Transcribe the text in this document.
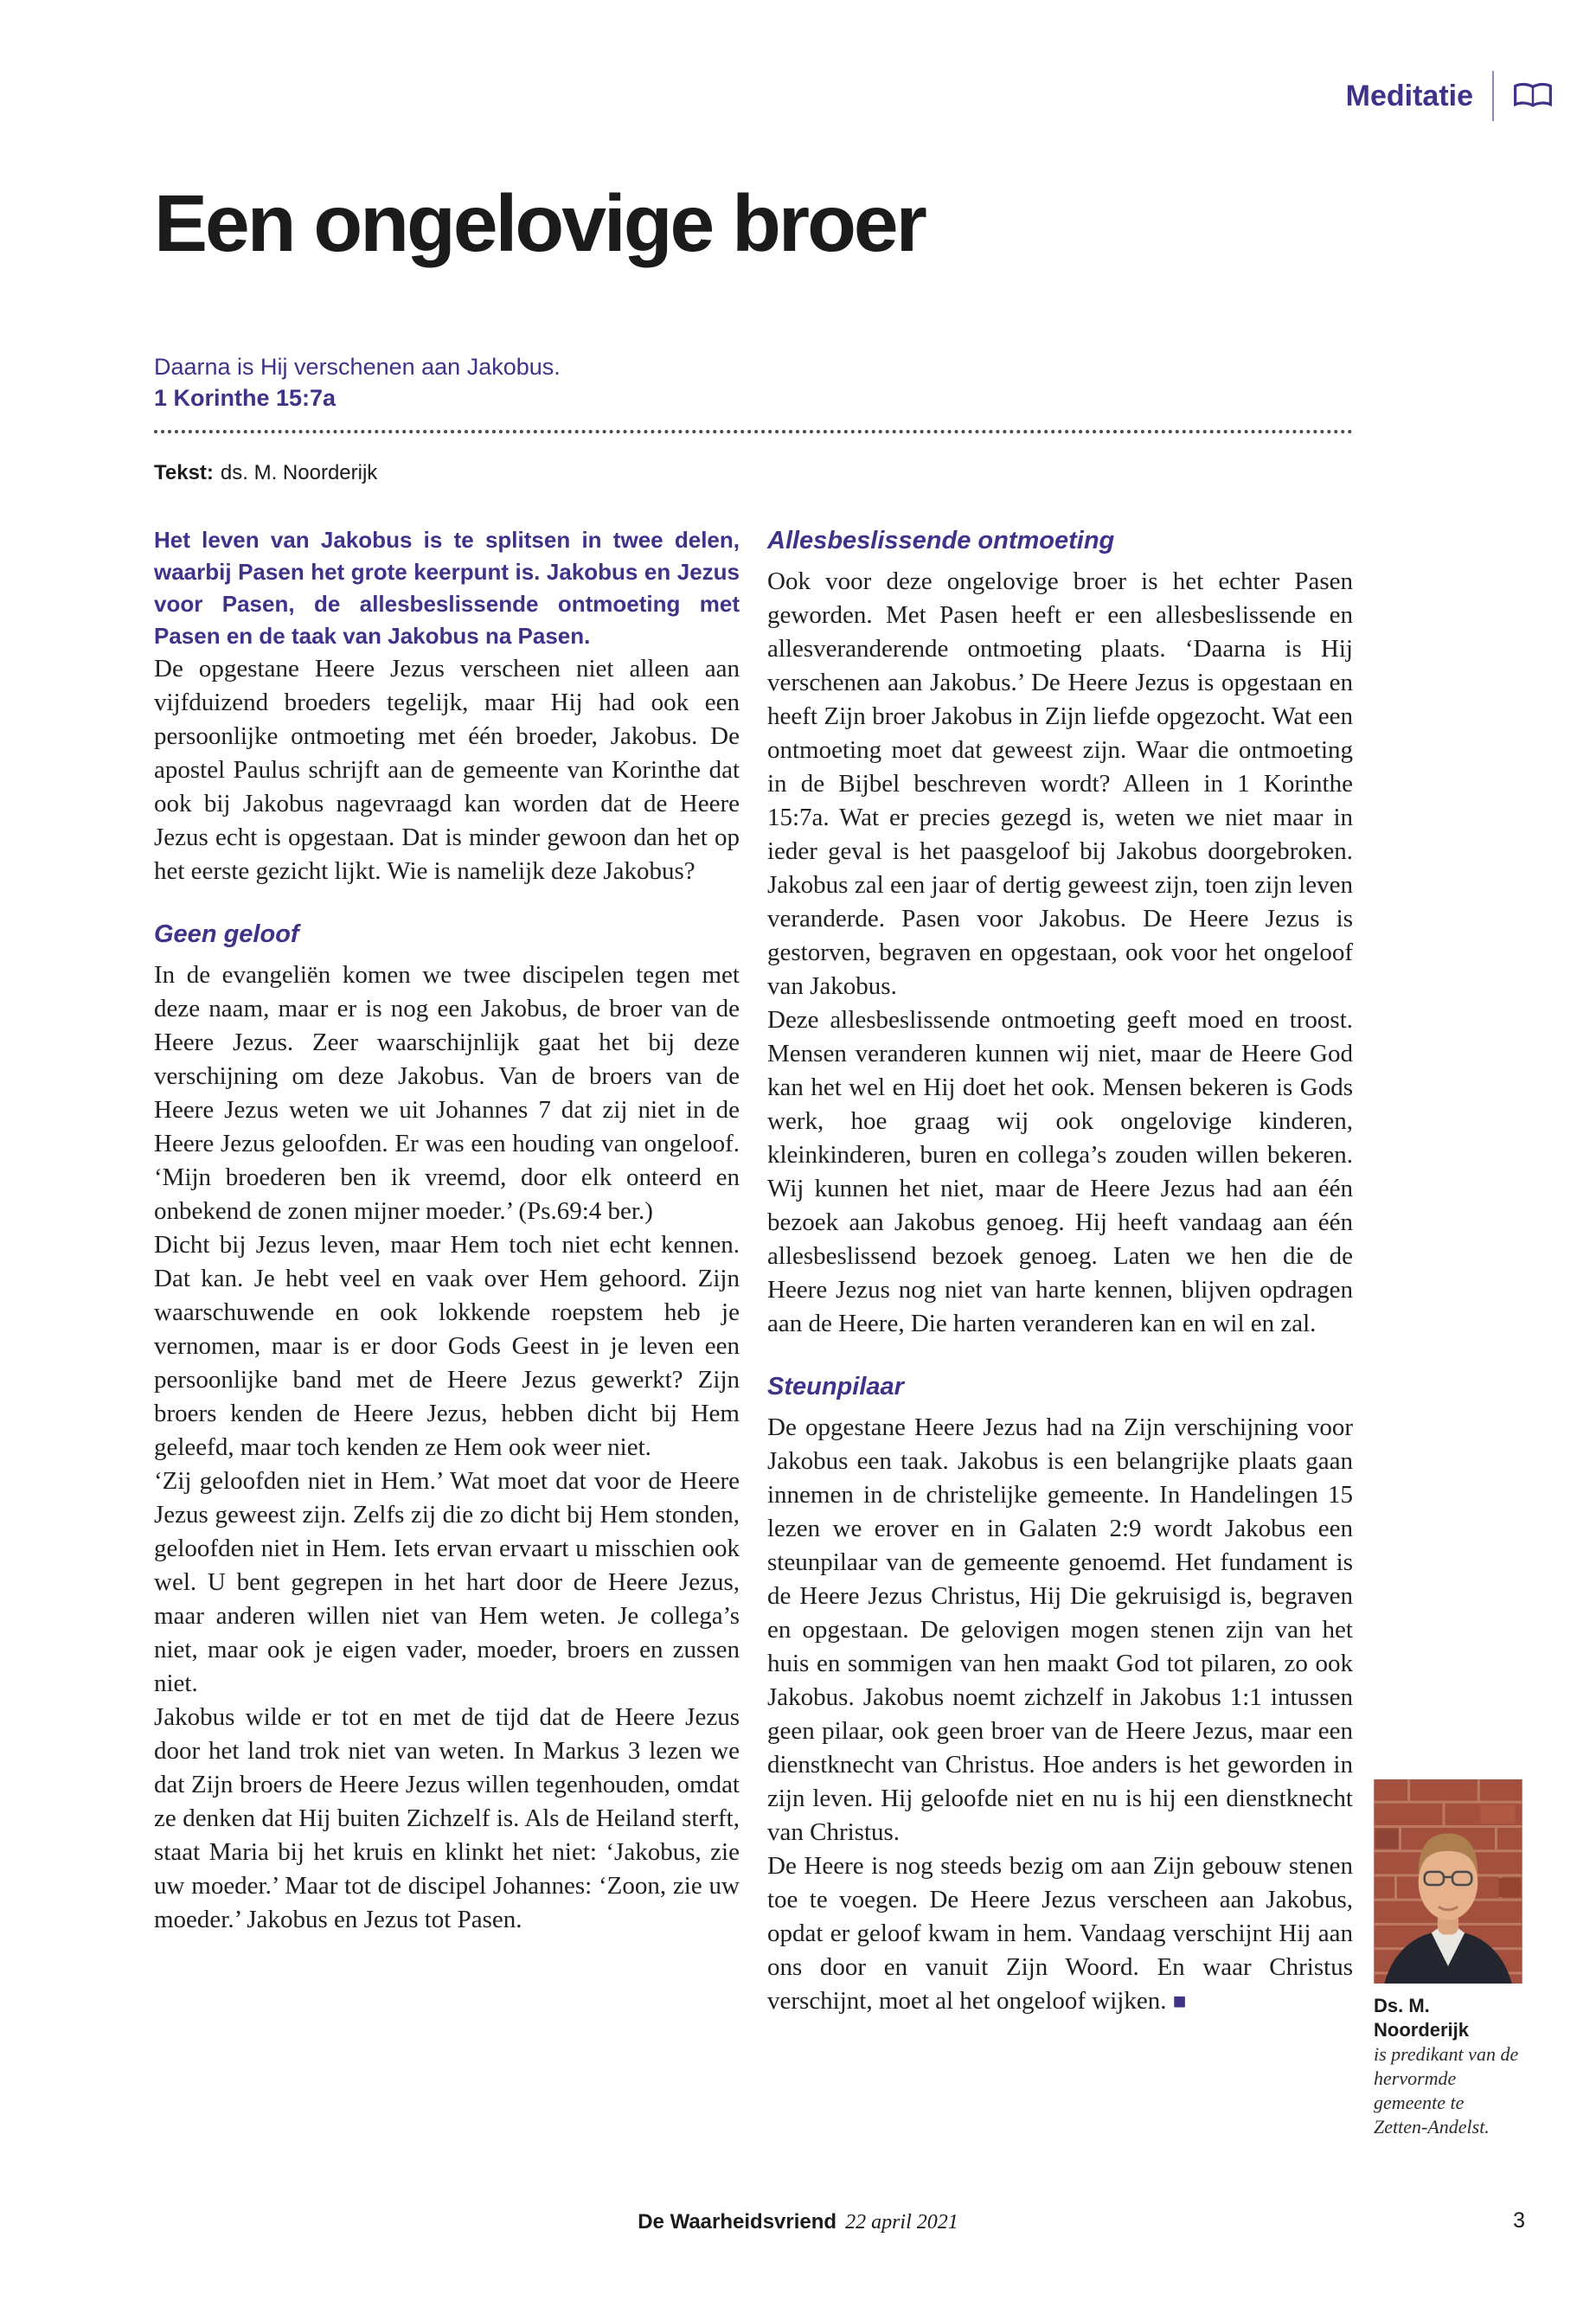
Meditatie
Een ongelovige broer
Daarna is Hij verschenen aan Jakobus.
1 Korinthe 15:7a
Tekst: ds. M. Noorderijk

Het leven van Jakobus is te splitsen in twee delen, waarbij Pasen het grote keerpunt is. Jakobus en Jezus voor Pasen, de allesbeslissende ontmoeting met Pasen en de taak van Jakobus na Pasen.

De opgestane Heere Jezus verscheen niet alleen aan vijfduizend broeders tegelijk, maar Hij had ook een persoonlijke ontmoeting met één broeder, Jakobus. De apostel Paulus schrijft aan de gemeente van Korinthe dat ook bij Jakobus nagevraagd kan worden dat de Heere Jezus echt is opgestaan. Dat is minder gewoon dan het op het eerste gezicht lijkt. Wie is namelijk deze Jakobus?

Geen geloof

In de evangeliën komen we twee discipelen tegen met deze naam, maar er is nog een Jakobus, de broer van de Heere Jezus. Zeer waarschijnlijk gaat het bij deze verschijning om deze Jakobus. Van de broers van de Heere Jezus weten we uit Johannes 7 dat zij niet in de Heere Jezus geloofden. Er was een houding van ongeloof. ‘Mijn broederen ben ik vreemd, door elk onteerd en onbekend de zonen mijner moeder.’ (Ps.69:4 ber.)

Dicht bij Jezus leven, maar Hem toch niet echt kennen. Dat kan. Je hebt veel en vaak over Hem gehoord. Zijn waarschuwende en ook lokkende roepstem heb je vernomen, maar is er door Gods Geest in je leven een persoonlijke band met de Heere Jezus gewerkt? Zijn broers kenden de Heere Jezus, hebben dicht bij Hem geleefd, maar toch kenden ze Hem ook weer niet.

‘Zij geloofden niet in Hem.’ Wat moet dat voor de Heere Jezus geweest zijn. Zelfs zij die zo dicht bij Hem stonden, geloofden niet in Hem. Iets ervan ervaart u misschien ook wel. U bent gegrepen in het hart door de Heere Jezus, maar anderen willen niet van Hem weten. Je collega’s niet, maar ook je eigen vader, moeder, broers en zussen niet.

Jakobus wilde er tot en met de tijd dat de Heere Jezus door het land trok niet van weten. In Markus 3 lezen we dat Zijn broers de Heere Jezus willen tegenhouden, omdat ze denken dat Hij buiten Zichzelf is. Als de Heiland sterft, staat Maria bij het kruis en klinkt het niet: ‘Jakobus, zie uw moeder.’ Maar tot de discipel Johannes: ‘Zoon, zie uw moeder.’ Jakobus en Jezus tot Pasen.

Allesbeslissende ontmoeting

Ook voor deze ongelovige broer is het echter Pasen geworden. Met Pasen heeft er een allesbeslissende en allesveranderende ontmoeting plaats. ‘Daarna is Hij verschenen aan Jakobus.’ De Heere Jezus is opgestaan en heeft Zijn broer Jakobus in Zijn liefde opgezocht. Wat een ontmoeting moet dat geweest zijn. Waar die ontmoeting in de Bijbel beschreven wordt? Alleen in 1 Korinthe 15:7a. Wat er precies gezegd is, weten we niet maar in ieder geval is het paasgeloof bij Jakobus doorgebroken. Jakobus zal een jaar of dertig geweest zijn, toen zijn leven veranderde. Pasen voor Jakobus. De Heere Jezus is gestorven, begraven en opgestaan, ook voor het ongeloof van Jakobus.

Deze allesbeslissende ontmoeting geeft moed en troost. Mensen veranderen kunnen wij niet, maar de Heere God kan het wel en Hij doet het ook. Mensen bekeren is Gods werk, hoe graag wij ook ongelovige kinderen, kleinkinderen, buren en collega’s zouden willen bekeren. Wij kunnen het niet, maar de Heere Jezus had aan één bezoek aan Jakobus genoeg. Hij heeft vandaag aan één allesbeslissend bezoek genoeg. Laten we hen die de Heere Jezus nog niet van harte kennen, blijven opdragen aan de Heere, Die harten veranderen kan en wil en zal.

Steunpilaar

De opgestane Heere Jezus had na Zijn verschijning voor Jakobus een taak. Jakobus is een belangrijke plaats gaan innemen in de christelijke gemeente. In Handelingen 15 lezen we erover en in Galaten 2:9 wordt Jakobus een steunpilaar van de gemeente genoemd. Het fundament is de Heere Jezus Christus, Hij Die gekruisigd is, begraven en opgestaan. De gelovigen mogen stenen zijn van het huis en sommigen van hen maakt God tot pilaren, zo ook Jakobus. Jakobus noemt zichzelf in Jakobus 1:1 intussen geen pilaar, ook geen broer van de Heere Jezus, maar een dienstknecht van Christus. Hoe anders is het geworden in zijn leven. Hij geloofde niet en nu is hij een dienstknecht van Christus.

De Heere is nog steeds bezig om aan Zijn gebouw stenen toe te voegen. De Heere Jezus verscheen aan Jakobus, opdat er geloof kwam in hem. Vandaag verschijnt Hij aan ons door en vanuit Zijn Woord. En waar Christus verschijnt, moet al het ongeloof wijken. ■	Ds. M. Noorderijk
is predikant van de hervormde gemeente te Zetten-Andelst.
De Waarheidsvriend 22 april 2021	3
